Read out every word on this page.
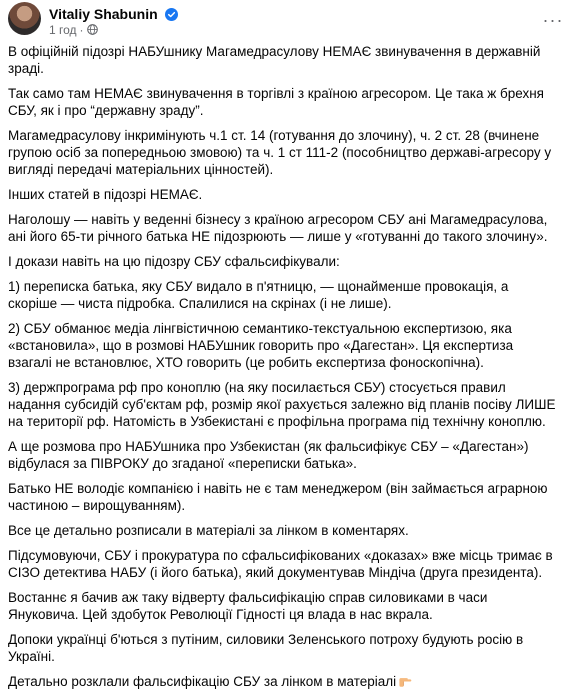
Vitaliy Shabunin
1 год ·	···

В офіційній підозрі НАБУшнику Магамедрасулову НЕМАЄ звинувачення в державній зраді.

Так само там НЕМАЄ звинувачення в торгівлі з країною агресором. Це така ж брехня СБУ, як і про “державну зраду”.

Магамедрасулову інкримінують ч.1 ст. 14 (готування до злочину), ч. 2 ст. 28 (вчинене групою осіб за попередньою змовою) та ч. 1 ст 111-2 (пособництво державі-агресору у вигляді передачі матеріальних цінностей).

Інших статей в підозрі НЕМАЄ.

Наголошу — навіть у веденні бізнесу з країною агресором СБУ ані Магамедрасулова, ані його 65-ти річного батька НЕ підозрюють — лише у «готуванні до такого злочину».

І докази навіть на цю підозру СБУ сфальсифікували:

1) переписка батька, яку СБУ видало в п'ятницю, — щонайменше провокація, а скоріше — чиста підробка. Спалилися на скрінах (і не лише).

2) СБУ обманює медіа лінгвістичною семантико-текстуальною експертизою, яка «встановила», що в розмові НАБУшник говорить про «Дагестан». Ця експертиза взагалі не встановлює, ХТО говорить (це робить експертиза фоноскопічна).

3) держпрограма рф про коноплю (на яку посилається СБУ) стосується правил надання субсидій суб'єктам рф, розмір якої рахується залежно від планів посіву ЛИШЕ на території рф. Натомість в Узбекистані є профільна програма під технічну коноплю.

А ще розмова про НАБУшника про Узбекистан (як фальсифікує СБУ – «Дагестан») відбулася за ПІВРОКУ до згаданої «переписки батька».

Батько НЕ володіє компанією і навіть не є там менеджером (він займається аграрною частиною – вирощуванням).

Все це детально розписали в матеріалі за лінком в коментарях.

Підсумовуючи, СБУ і прокуратура по сфальсифікованих «доказах» вже місць тримає в СІЗО детектива НАБУ (і його батька), який документував Міндіча (друга президента).

Востаннє я бачив аж таку відверту фальсифікацію справ силовиками в часи Януковича. Цей здобуток Революції Гідності ця влада в нас вкрала.

Допоки українці б'ються з путіним, силовики Зеленського потроху будують росію в Україні.

Детально розклали фальсифікацію СБУ за лінком в матеріалі
